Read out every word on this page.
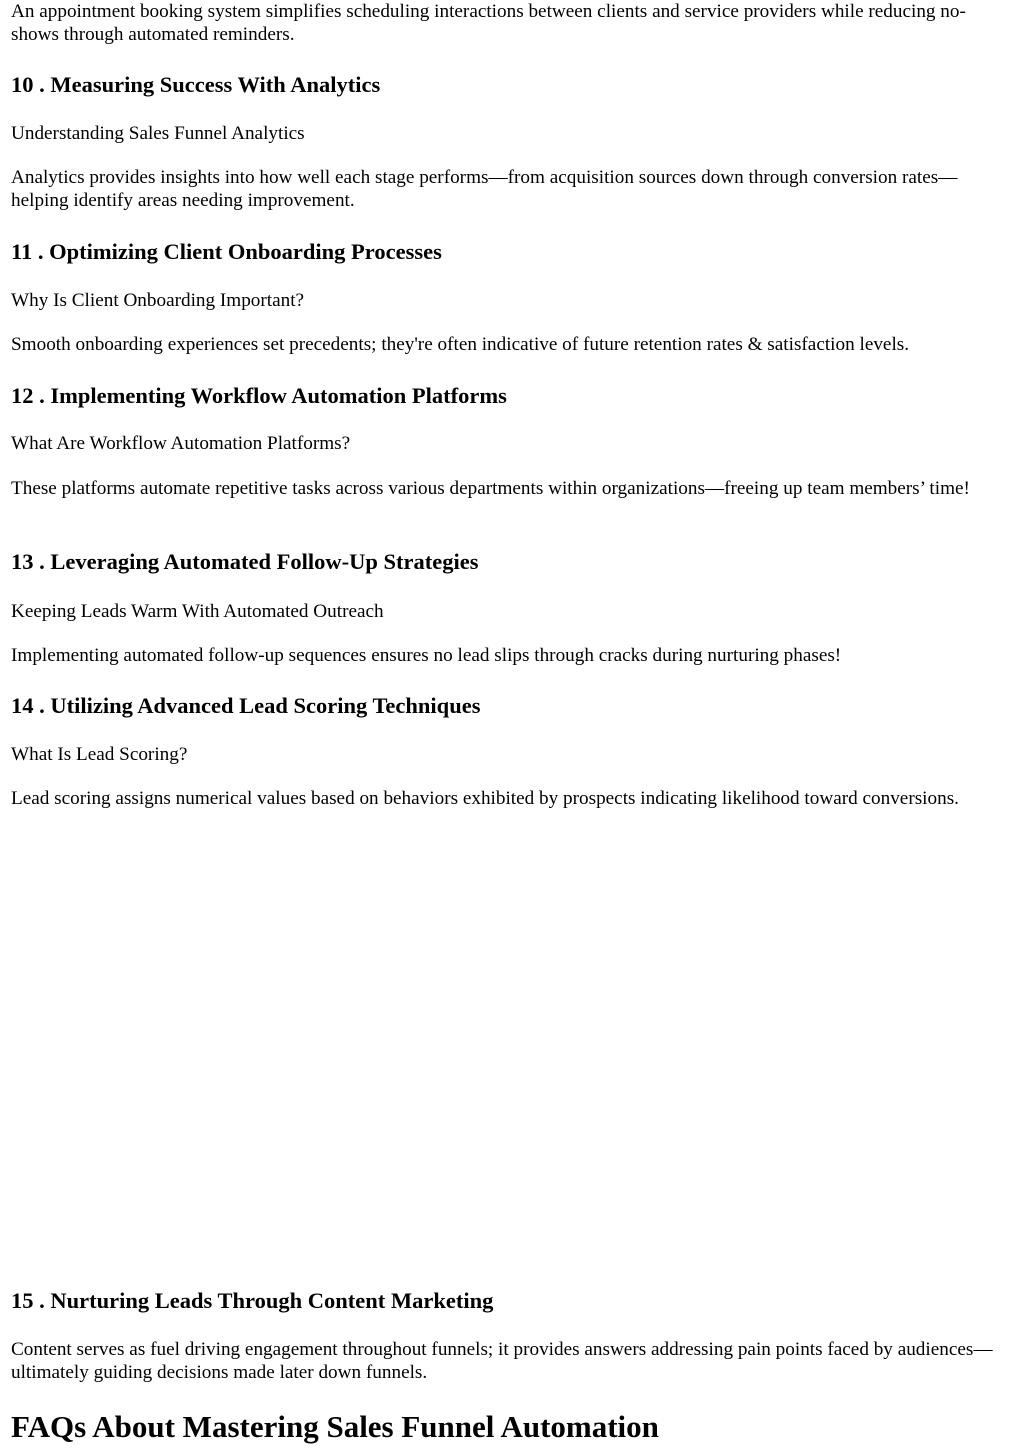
An appointment booking system simplifies scheduling interactions between clients and service providers while reducing no-shows through automated reminders.

10 . Measuring Success With Analytics

Understanding Sales Funnel Analytics

Analytics provides insights into how well each stage performs—from acquisition sources down through conversion rates—helping identify areas needing improvement.

11 . Optimizing Client Onboarding Processes

Why Is Client Onboarding Important?

Smooth onboarding experiences set precedents; they're often indicative of future retention rates & satisfaction levels.

12 . Implementing Workflow Automation Platforms

What Are Workflow Automation Platforms?

These platforms automate repetitive tasks across various departments within organizations—freeing up team members’ time!

13 . Leveraging Automated Follow-Up Strategies

Keeping Leads Warm With Automated Outreach

Implementing automated follow-up sequences ensures no lead slips through cracks during nurturing phases!

14 . Utilizing Advanced Lead Scoring Techniques

What Is Lead Scoring?

Lead scoring assigns numerical values based on behaviors exhibited by prospects indicating likelihood toward conversions.

15 . Nurturing Leads Through Content Marketing

Content serves as fuel driving engagement throughout funnels; it provides answers addressing pain points faced by audiences—ultimately guiding decisions made later down funnels.

FAQs About Mastering Sales Funnel Automation
